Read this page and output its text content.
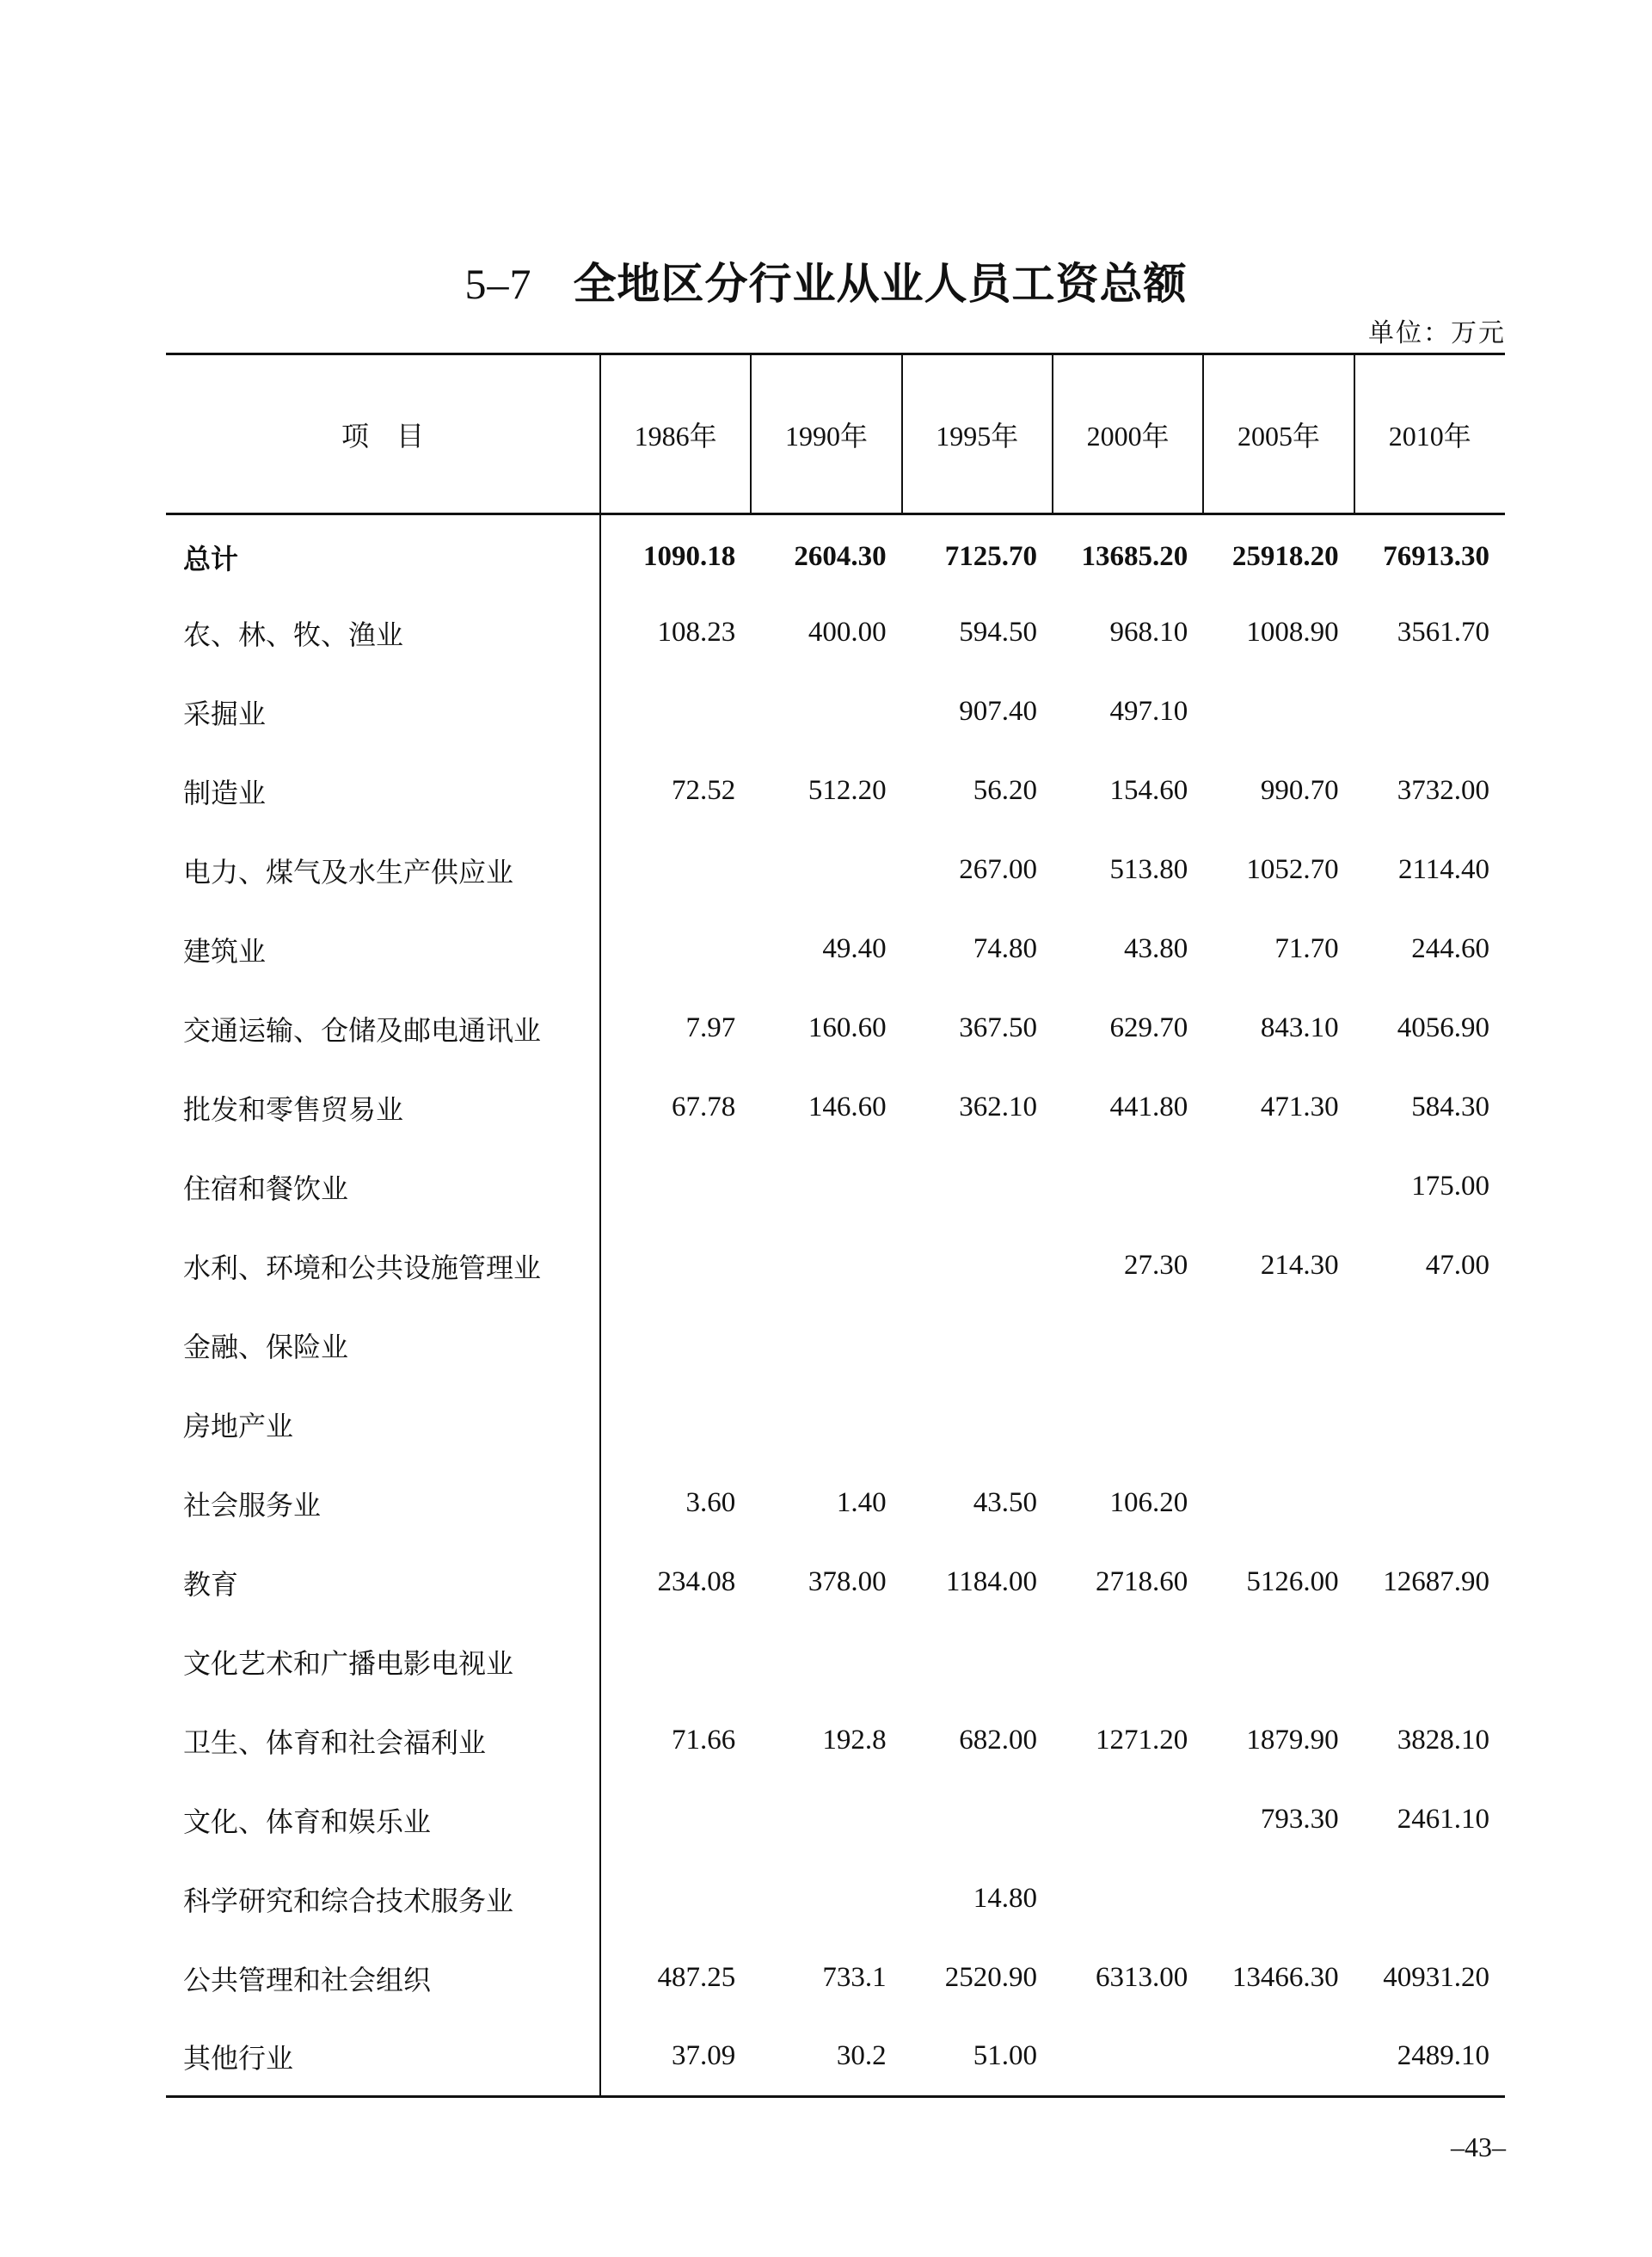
5–7 全地区分行业从业人员工资总额
单位：万元
项　目	1986年	1990年	1995年	2000年	2005年	2010年
总计	1090.18	2604.30	7125.70	13685.20	25918.20	76913.30
农、林、牧、渔业	108.23	400.00	594.50	968.10	1008.90	3561.70
采掘业			907.40	497.10		
制造业	72.52	512.20	56.20	154.60	990.70	3732.00
电力、煤气及水生产供应业			267.00	513.80	1052.70	2114.40
建筑业		49.40	74.80	43.80	71.70	244.60
交通运输、仓储及邮电通讯业	7.97	160.60	367.50	629.70	843.10	4056.90
批发和零售贸易业	67.78	146.60	362.10	441.80	471.30	584.30
住宿和餐饮业						175.00
水利、环境和公共设施管理业				27.30	214.30	47.00
金融、保险业						
房地产业						
社会服务业	3.60	1.40	43.50	106.20		
教育	234.08	378.00	1184.00	2718.60	5126.00	12687.90
文化艺术和广播电影电视业						
卫生、体育和社会福利业	71.66	192.8	682.00	1271.20	1879.90	3828.10
文化、体育和娱乐业					793.30	2461.10
科学研究和综合技术服务业			14.80			
公共管理和社会组织	487.25	733.1	2520.90	6313.00	13466.30	40931.20
其他行业	37.09	30.2	51.00			2489.10
–43–
